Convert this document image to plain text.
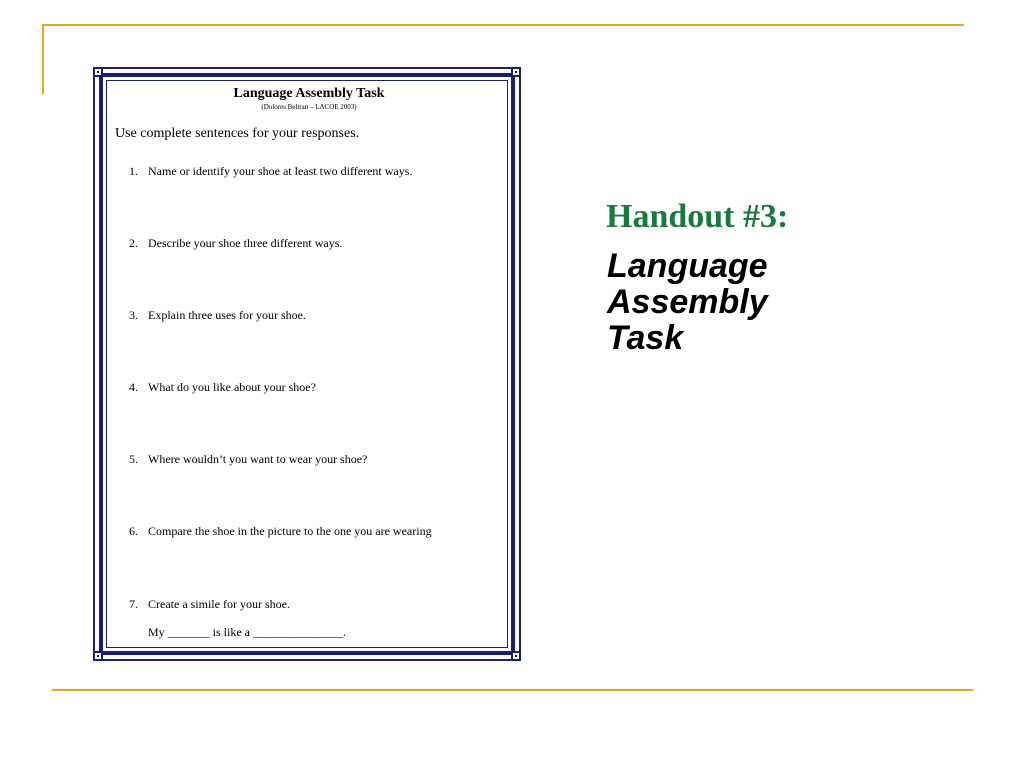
Language Assembly Task
(Dolores Beltran – LACOE 2003)
Use complete sentences for your responses.
1. Name or identify your shoe at least two different ways.
2. Describe your shoe three different ways.
3. Explain three uses for your shoe.
4. What do you like about your shoe?
5. Where wouldn’t you want to wear your shoe?
6. Compare the shoe in the picture to the one you are wearing
7. Create a simile for your shoe.
My _______ is like a _______________.
Handout #3:
Language Assembly Task
